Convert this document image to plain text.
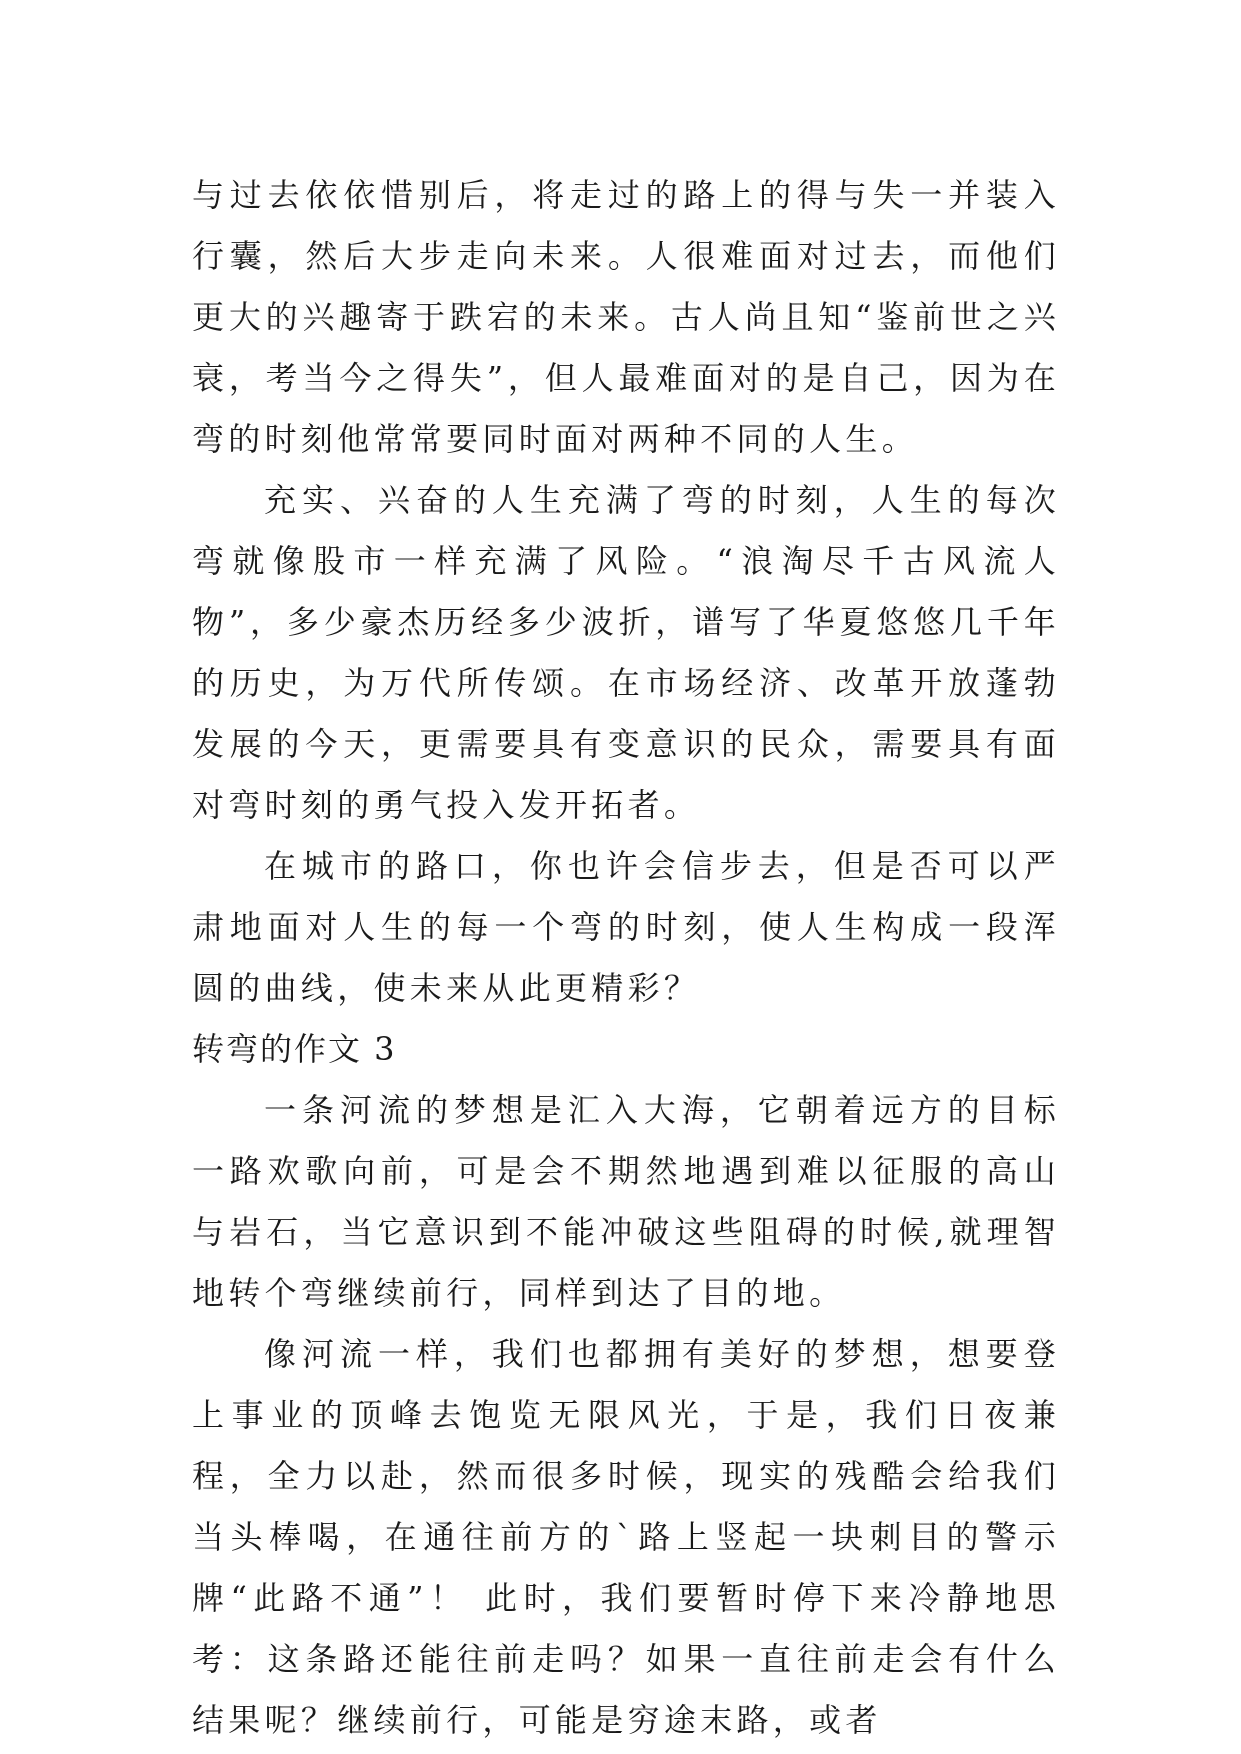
与过去依依惜别后，将走过的路上的得与失一并装入行囊，然后大步走向未来。人很难面对过去，而他们更大的兴趣寄于跌宕的未来。古人尚且知“鉴前世之兴衰，考当今之得失”，但人最难面对的是自己，因为在弯的时刻他常常要同时面对两种不同的人生。

充实、兴奋的人生充满了弯的时刻，人生的每次弯就像股市一样充满了风险。“浪淘尽千古风流人物”，多少豪杰历经多少波折，谱写了华夏悠悠几千年的历史，为万代所传颂。在市场经济、改革开放蓬勃发展的今天，更需要具有变意识的民众，需要具有面对弯时刻的勇气投入发开拓者。

在城市的路口，你也许会信步去，但是否可以严肃地面对人生的每一个弯的时刻，使人生构成一段浑圆的曲线，使未来从此更精彩？

转弯的作文 3

一条河流的梦想是汇入大海，它朝着远方的目标一路欢歌向前，可是会不期然地遇到难以征服的高山与岩石，当它意识到不能冲破这些阻碍的时候,就理智地转个弯继续前行，同样到达了目的地。

像河流一样，我们也都拥有美好的梦想，想要登上事业的顶峰去饱览无限风光，于是，我们日夜兼程，全力以赴，然而很多时候，现实的残酷会给我们当头棒喝，在通往前方的`路上竖起一块刺目的警示牌“此路不通”！ 此时，我们要暂时停下来冷静地思考：这条路还能往前走吗？如果一直往前走会有什么结果呢？继续前行，可能是穷途末路，或者
